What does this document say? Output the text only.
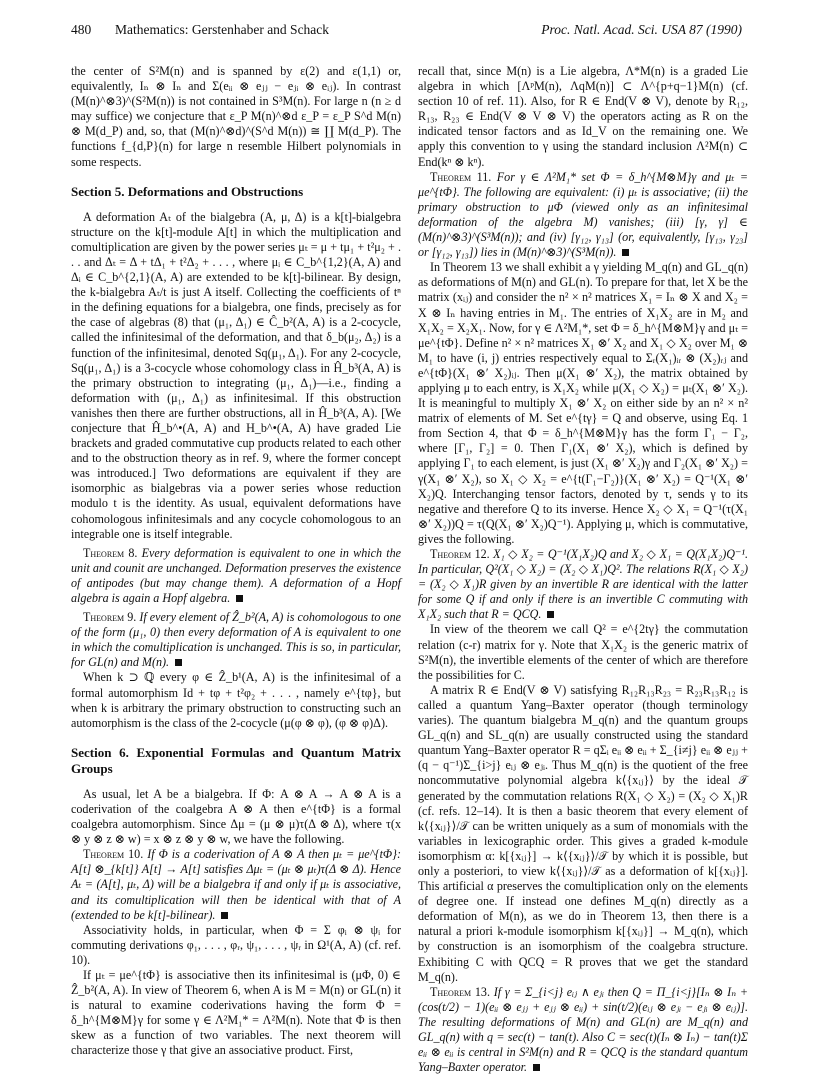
480 Mathematics: Gerstenhaber and Schack	Proc. Natl. Acad. Sci. USA 87 (1990)

the center of S²M(n) and is spanned by ε(2) and ε(1,1) or, equivalently, Iₙ ⊗ Iₙ and Σ(eᵢᵢ ⊗ eⱼⱼ − eⱼᵢ ⊗ eᵢⱼ). In contrast (M(n)^⊗3)^(S²M(n)) is not contained in S³M(n). For large n (n ≥ d may suffice) we conjecture that ε_P M(n)^⊗d ε_P = ε_P S^d M(n) ⊗ M(d_P) and, so, that (M(n)^⊗d)^(S^d M(n)) ≅ ∐ M(d_P). The functions f_{d,P}(n) for large n resemble Hilbert polynomials in some respects.

Section 5. Deformations and Obstructions

A deformation Aₜ of the bialgebra (A, μ, Δ) is a k[t]-bialgebra structure on the k[t]-module A[t] in which the multiplication and comultiplication are given by the power series μₜ = μ + tμ₁ + t²μ₂ + . . . and Δₜ = Δ + tΔ₁ + t²Δ₂ + . . . , where μᵢ ∈ C_b^{1,2}(A, A) and Δᵢ ∈ C_b^{2,1}(A, A) are extended to be k[t]-bilinear. By design, the k-bialgebra Aₜ/t is just A itself. Collecting the coefficients of tⁿ in the defining equations for a bialgebra, one finds, precisely as for the case of algebras (8) that (μ₁, Δ₁) ∈ Ĉ_b²(A, A) is a 2-cocycle, called the infinitesimal of the deformation, and that δ_b(μ₂, Δ₂) is a function of the infinitesimal, denoted Sq(μ₁, Δ₁). For any 2-cocycle, Sq(μ₁, Δ₁) is a 3-cocycle whose cohomology class in Ĥ_b³(A, A) is the primary obstruction to integrating (μ₁, Δ₁)—i.e., finding a deformation with (μ₁, Δ₁) as infinitesimal. If this obstruction vanishes then there are further obstructions, all in Ĥ_b³(A, A). [We conjecture that Ĥ_b^•(A, A) and H_b^•(A, A) have graded Lie brackets and graded commutative cup products related to each other and to the obstruction theory as in ref. 9, where the former concept was introduced.] Two deformations are equivalent if they are isomorphic as bialgebras via a power series whose reduction modulo t is the identity. As usual, equivalent deformations have cohomologous infinitesimals and any cocycle cohomologous to an integrable one is itself integrable.

Theorem 8. Every deformation is equivalent to one in which the unit and counit are unchanged. Deformation preserves the existence of antipodes (but may change them). A deformation of a Hopf algebra is again a Hopf algebra.

Theorem 9. If every element of Ẑ_b²(A, A) is cohomologous to one of the form (μ₁, 0) then every deformation of A is equivalent to one in which the comultiplication is unchanged. This is so, in particular, for GL(n) and M(n).

When k ⊃ ℚ every φ ∈ Ẑ_b¹(A, A) is the infinitesimal of a formal automorphism Id + tφ + t²φ₂ + . . . , namely e^{tφ}, but when k is arbitrary the primary obstruction to constructing such an automorphism is the class of the 2-cocycle (μ(φ ⊗ φ), (φ ⊗ φ)Δ).

Section 6. Exponential Formulas and Quantum Matrix Groups

As usual, let A be a bialgebra. If Φ: A ⊗ A → A ⊗ A is a coderivation of the coalgebra A ⊗ A then e^{tΦ} is a formal coalgebra automorphism. Since Δμ = (μ ⊗ μ)τ(Δ ⊗ Δ), where τ(x ⊗ y ⊗ z ⊗ w) = x ⊗ z ⊗ y ⊗ w, we have the following.

Theorem 10. If Φ is a coderivation of A ⊗ A then μₜ = μe^{tΦ}: A[t] ⊗_{k[t]} A[t] → A[t] satisfies Δμₜ = (μₜ ⊗ μₜ)τ(Δ ⊗ Δ). Hence Aₜ = (A[t], μₜ, Δ) will be a bialgebra if and only if μₜ is associative, and its comultiplication will then be identical with that of A (extended to be k[t]-bilinear).

Associativity holds, in particular, when Φ = Σ φᵢ ⊗ ψᵢ for commuting derivations φ₁, . . . , φᵣ, ψ₁, . . . , ψᵣ in Ω¹(A, A) (cf. ref. 10).

If μₜ = μe^{tΦ} is associative then its infinitesimal is (μΦ, 0) ∈ Ẑ_b²(A, A). In view of Theorem 6, when A is M = M(n) or GL(n) it is natural to examine coderivations having the form Φ = δ_h^{M⊗M}γ for some γ ∈ Λ²M₁* = Λ²M(n). Note that Φ is then skew as a function of two variables. The next theorem will characterize those γ that give an associative product. First,

recall that, since M(n) is a Lie algebra, Λ*M(n) is a graded Lie algebra in which [ΛᵖM(n), ΛqM(n)] ⊂ Λ^{p+q−1}M(n) (cf. section 10 of ref. 11). Also, for R ∈ End(V ⊗ V), denote by R₁₂, R₁₃, R₂₃ ∈ End(V ⊗ V ⊗ V) the operators acting as R on the indicated tensor factors and as Id_V on the remaining one. We apply this convention to γ using the standard inclusion Λ²M(n) ⊂ End(kⁿ ⊗ kⁿ).

Theorem 11. For γ ∈ Λ²M₁* set Φ = δ_h^{M⊗M}γ and μₜ = μe^{tΦ}. The following are equivalent: (i) μₜ is associative; (ii) the primary obstruction to μΦ (viewed only as an infinitesimal deformation of the algebra M) vanishes; (iii) [γ, γ] ∈ (M(n)^⊗3)^(S³M(n)); and (iv) [γ₁₂, γ₁₃] (or, equivalently, [γ₁₃, γ₂₃] or [γ₁₂, γ₁₃]) lies in (M(n)^⊗3)^(S³M(n)).

In Theorem 13 we shall exhibit a γ yielding M_q(n) and GL_q(n) as deformations of M(n) and GL(n). To prepare for that, let X be the matrix (xᵢⱼ) and consider the n² × n² matrices X₁ = Iₙ ⊗ X and X₂ = X ⊗ Iₙ having entries in M₁. The entries of X₁X₂ are in M₂ and X₁X₂ = X₂X₁. Now, for γ ∈ Λ²M₁*, set Φ = δ_h^{M⊗M}γ and μₜ = μe^{tΦ}. Define n² × n² matrices X₁ ⊗′ X₂ and X₁ ◇ X₂ over M₁ ⊗ M₁ to have (i, j) entries respectively equal to Σᵣ(X₁)ᵢᵣ ⊗ (X₂)ᵣⱼ and e^{tΦ}(X₁ ⊗′ X₂)ᵢⱼ. Then μ(X₁ ⊗′ X₂), the matrix obtained by applying μ to each entry, is X₁X₂ while μ(X₁ ◇ X₂) = μₜ(X₁ ⊗′ X₂). It is meaningful to multiply X₁ ⊗′ X₂ on either side by an n² × n² matrix of elements of M. Set e^{tγ} = Q and observe, using Eq. 1 from Section 4, that Φ = δ_h^{M⊗M}γ has the form Γ₁ − Γ₂, where [Γ₁, Γ₂] = 0. Then Γ₁(X₁ ⊗′ X₂), which is defined by applying Γ₁ to each element, is just (X₁ ⊗′ X₂)γ and Γ₂(X₁ ⊗′ X₂) = γ(X₁ ⊗′ X₂), so X₁ ◇ X₂ = e^{t(Γ₁−Γ₂)}(X₁ ⊗′ X₂) = Q⁻¹(X₁ ⊗′ X₂)Q. Interchanging tensor factors, denoted by τ, sends γ to its negative and therefore Q to its inverse. Hence X₂ ◇ X₁ = Q⁻¹(τ(X₁ ⊗′ X₂))Q = τ(Q(X₁ ⊗′ X₂)Q⁻¹). Applying μ, which is commutative, gives the following.

Theorem 12. X₁ ◇ X₂ = Q⁻¹(X₁X₂)Q and X₂ ◇ X₁ = Q(X₁X₂)Q⁻¹. In particular, Q²(X₁ ◇ X₂) = (X₂ ◇ X₁)Q². The relations R(X₁ ◇ X₂) = (X₂ ◇ X₁)R given by an invertible R are identical with the latter for some Q if and only if there is an invertible C commuting with X₁X₂ such that R = QCQ.

In view of the theorem we call Q² = e^{2tγ} the commutation relation (c-r) matrix for γ. Note that X₁X₂ is the generic matrix of S²M(n), the invertible elements of the center of which are therefore the possibilities for C.

A matrix R ∈ End(V ⊗ V) satisfying R₁₂R₁₃R₂₃ = R₂₃R₁₃R₁₂ is called a quantum Yang–Baxter operator (though terminology varies). The quantum bialgebra M_q(n) and the quantum groups GL_q(n) and SL_q(n) are usually constructed using the standard quantum Yang–Baxter operator R = qΣᵢ eᵢᵢ ⊗ eᵢᵢ + Σ_{i≠j} eᵢᵢ ⊗ eⱼⱼ + (q − q⁻¹)Σ_{i>j} eᵢⱼ ⊗ eⱼᵢ. Thus M_q(n) is the quotient of the free noncommutative polynomial algebra k⟨{xᵢⱼ}⟩ by the ideal 𝒯 generated by the commutation relations R(X₁ ◇ X₂) = (X₂ ◇ X₁)R (cf. refs. 12–14). It is then a basic theorem that every element of k⟨{xᵢⱼ}⟩/𝒯 can be written uniquely as a sum of monomials with the variables in lexicographic order. This gives a graded k-module isomorphism α: k[{xᵢⱼ}] → k⟨{xᵢⱼ}⟩/𝒯 by which it is possible, but only a posteriori, to view k⟨{xᵢⱼ}⟩/𝒯 as a deformation of k[{xᵢⱼ}]. This artificial α preserves the comultiplication only on the elements of degree one. If instead one defines M_q(n) directly as a deformation of M(n), as we do in Theorem 13, then there is a natural a priori k-module isomorphism k[{xᵢⱼ}] → M_q(n), which by construction is an isomorphism of the coalgebra structure. Exhibiting C with QCQ = R proves that we get the standard M_q(n).

Theorem 13. If γ = Σ_{i<j} eᵢⱼ ∧ eⱼᵢ then Q = Π_{i<j}[Iₙ ⊗ Iₙ + (cos(t/2) − 1)(eᵢᵢ ⊗ eⱼⱼ + eⱼⱼ ⊗ eᵢᵢ) + sin(t/2)(eᵢⱼ ⊗ eⱼᵢ − eⱼᵢ ⊗ eᵢⱼ)]. The resulting deformations of M(n) and GL(n) are M_q(n) and GL_q(n) with q = sec(t) − tan(t). Also C = sec(t)(Iₙ ⊗ Iₙ) − tan(t)Σ eᵢᵢ ⊗ eᵢᵢ is central in S²M(n) and R = QCQ is the standard quantum Yang–Baxter operator.
